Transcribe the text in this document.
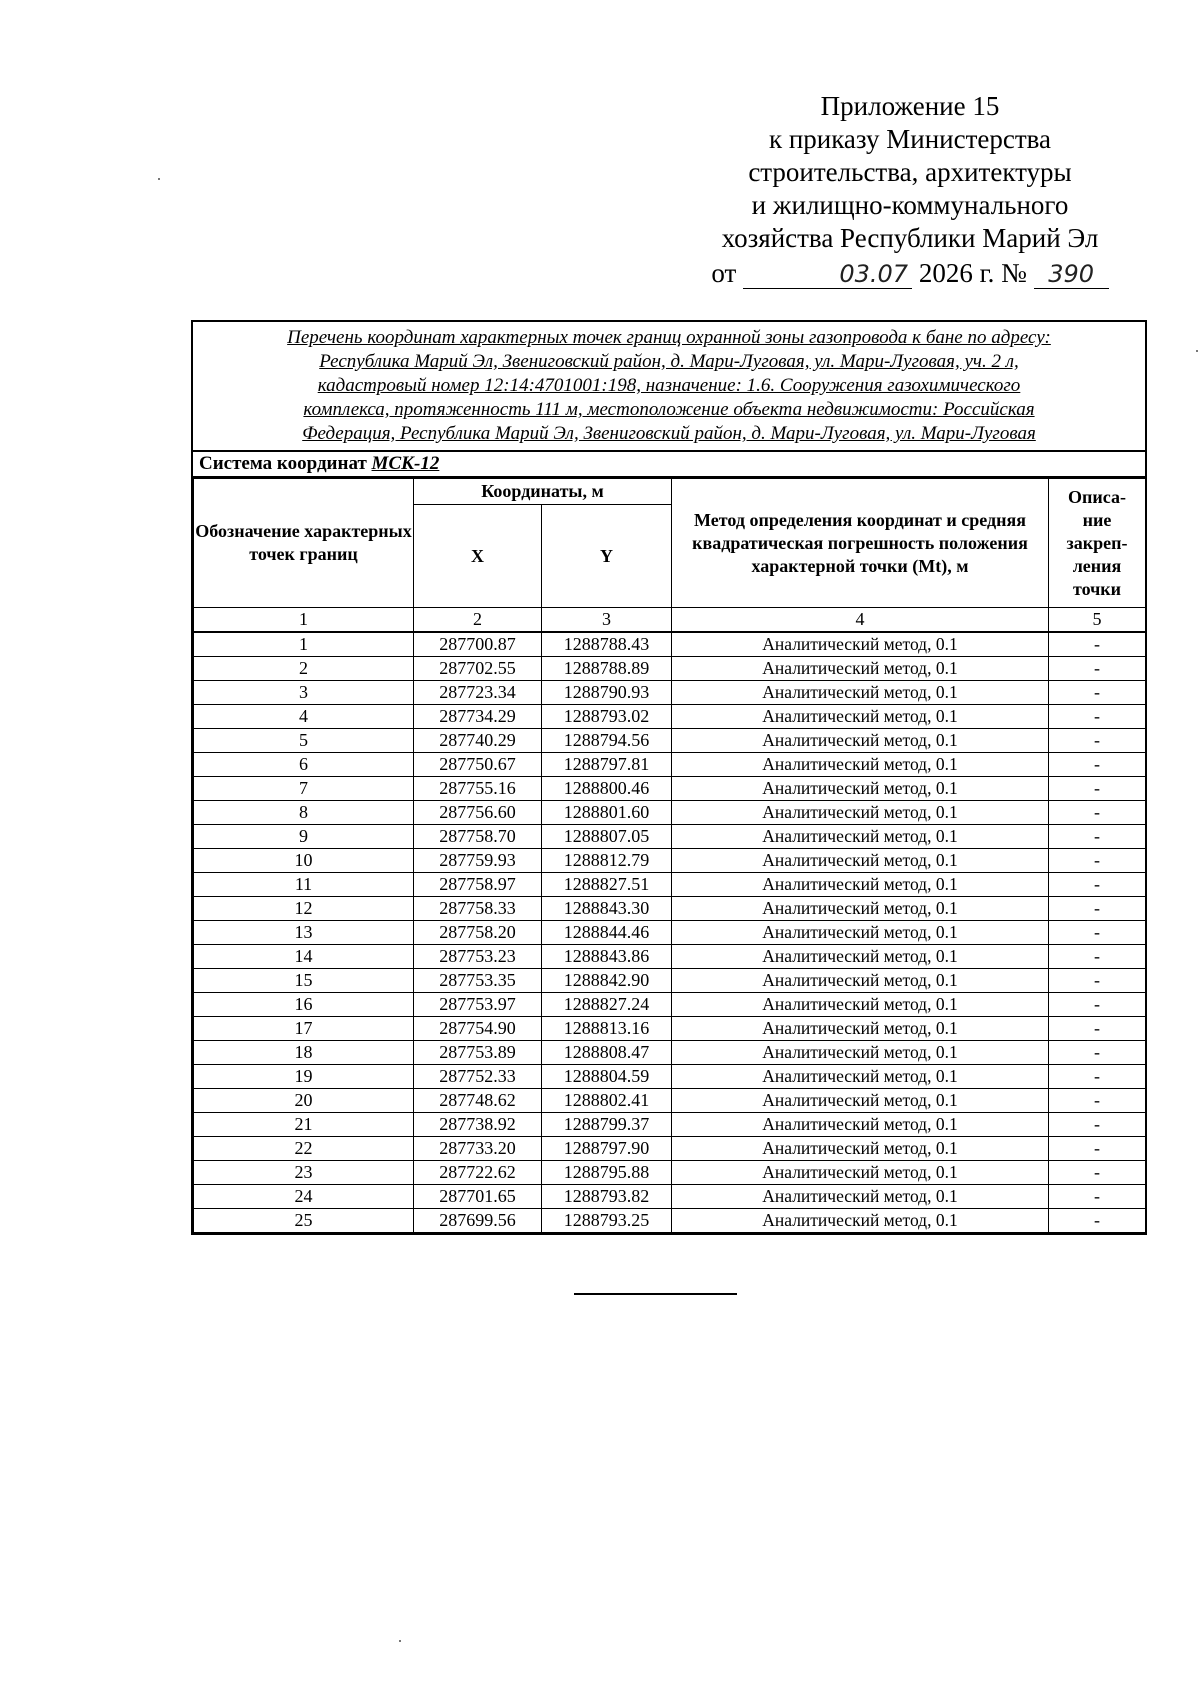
Приложение 15
к приказу Министерства
строительства, архитектуры
и жилищно-коммунального
хозяйства Республики Марий Эл
от	03.07 2026 г. № 390
Перечень координат характерных точек границ охранной зоны газопровода к бане по адресу:
Республика Марий Эл, Звениговский район, д. Мари-Луговая, ул. Мари-Луговая, уч. 2 л,
кадастровый номер 12:14:4701001:198, назначение: 1.6. Сооружения газохимического
комплекса, протяженность 111 м, местоположение объекта недвижимости: Российская
Федерация, Республика Марий Эл, Звениговский район, д. Мари-Луговая, ул. Мари-Луговая
Система координат МСК-12
Обозначение характерных точек границ	Координаты, м		Метод определения координат и средняя квадратическая погрешность положения характерной точки (Mt), м	Описа-
ние
закреп-
ления
точки

	X	Y		
1	2	3	4	5
1	287700.87	1288788.43	Аналитический метод, 0.1	-
2	287702.55	1288788.89	Аналитический метод, 0.1	-
3	287723.34	1288790.93	Аналитический метод, 0.1	-
4	287734.29	1288793.02	Аналитический метод, 0.1	-
5	287740.29	1288794.56	Аналитический метод, 0.1	-
6	287750.67	1288797.81	Аналитический метод, 0.1	-
7	287755.16	1288800.46	Аналитический метод, 0.1	-
8	287756.60	1288801.60	Аналитический метод, 0.1	-
9	287758.70	1288807.05	Аналитический метод, 0.1	-
10	287759.93	1288812.79	Аналитический метод, 0.1	-
11	287758.97	1288827.51	Аналитический метод, 0.1	-
12	287758.33	1288843.30	Аналитический метод, 0.1	-
13	287758.20	1288844.46	Аналитический метод, 0.1	-
14	287753.23	1288843.86	Аналитический метод, 0.1	-
15	287753.35	1288842.90	Аналитический метод, 0.1	-
16	287753.97	1288827.24	Аналитический метод, 0.1	-
17	287754.90	1288813.16	Аналитический метод, 0.1	-
18	287753.89	1288808.47	Аналитический метод, 0.1	-
19	287752.33	1288804.59	Аналитический метод, 0.1	-
20	287748.62	1288802.41	Аналитический метод, 0.1	-
21	287738.92	1288799.37	Аналитический метод, 0.1	-
22	287733.20	1288797.90	Аналитический метод, 0.1	-
23	287722.62	1288795.88	Аналитический метод, 0.1	-
24	287701.65	1288793.82	Аналитический метод, 0.1	-
25	287699.56	1288793.25	Аналитический метод, 0.1	-
